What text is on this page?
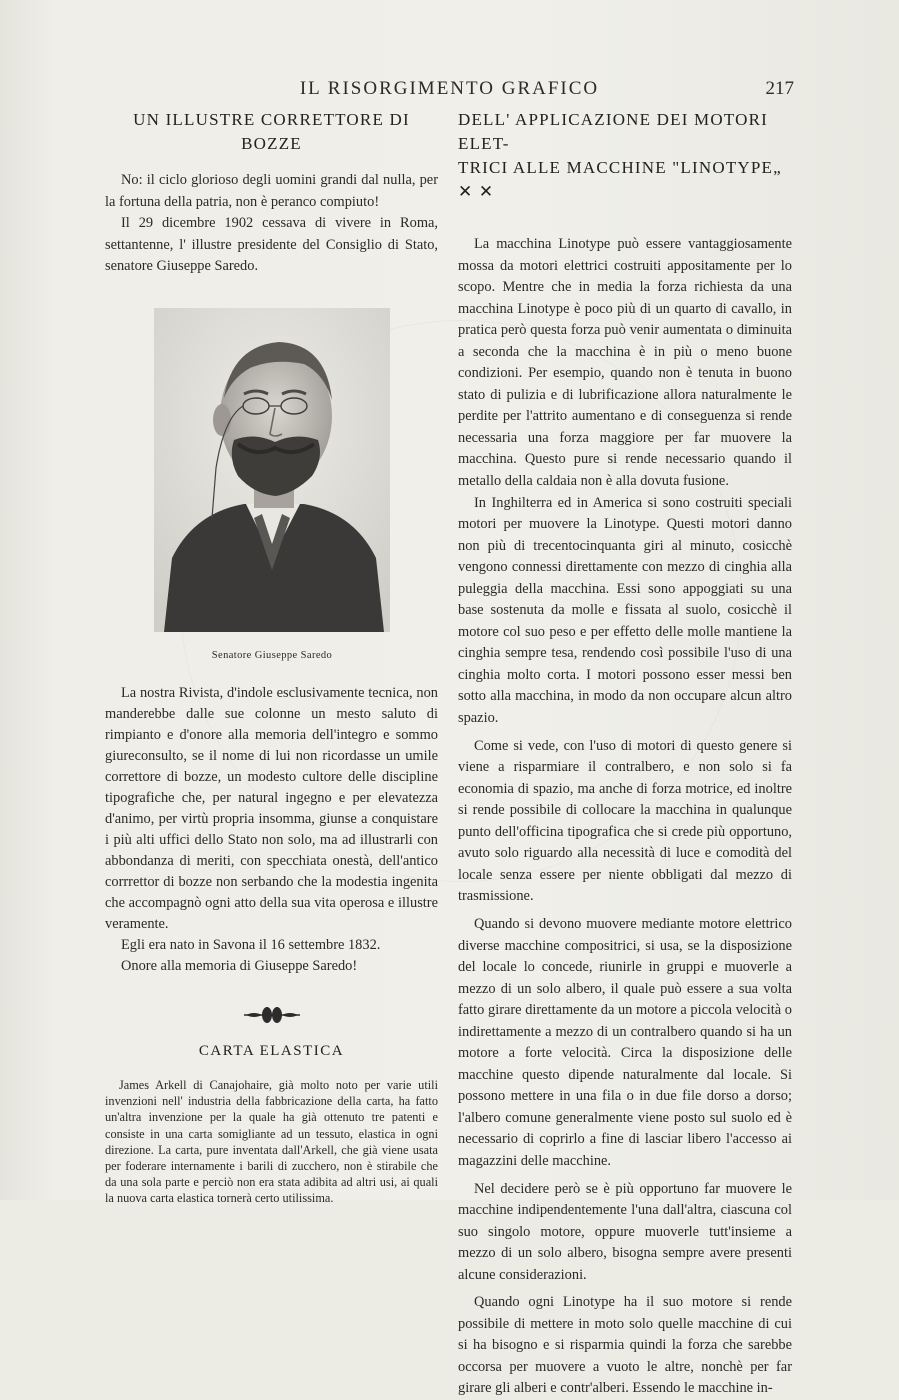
IL RISORGIMENTO GRAFICO	217
UN ILLUSTRE CORRETTORE DI BOZZE

No: il ciclo glorioso degli uomini grandi dal nulla, per la fortuna della patria, non è peranco compiuto!

Il 29 dicembre 1902 cessava di vivere in Roma, settantenne, l' illustre presidente del Consiglio di Stato, senatore Giuseppe Saredo.

Senatore Giuseppe Saredo

La nostra Rivista, d'indole esclusivamente tecnica, non manderebbe dalle sue colonne un mesto saluto di rimpianto e d'onore alla memoria dell'integro e sommo giureconsulto, se il nome di lui non ricordasse un umile correttore di bozze, un modesto cultore delle discipline tipografiche che, per natural ingegno e per elevatezza d'animo, per virtù propria insomma, giunse a conquistare i più alti uffici dello Stato non solo, ma ad illustrarli con abbondanza di meriti, con specchiata onestà, dell'antico corrrettor di bozze non serbando che la modestia ingenita che accompagnò ogni atto della sua vita operosa e illustre veramente.

Egli era nato in Savona il 16 settembre 1832.

Onore alla memoria di Giuseppe Saredo!

CARTA ELASTICA

James Arkell di Canajohaire, già molto noto per varie utili invenzioni nell' industria della fabbricazione della carta, ha fatto un'altra invenzione per la quale ha già ottenuto tre patenti e consiste in una carta somigliante ad un tessuto, elastica in ogni direzione. La carta, pure inventata dall'Arkell, che già viene usata per foderare internamente i barili di zucchero, non è stirabile che da una sola parte e perciò non era stata adibita ad altri usi, ai quali la nuova carta elastica tornerà certo utilissima.

DELL' APPLICAZIONE DEI MOTORI ELET-
TRICI ALLE MACCHINE "LINOTYPE„ ✕ ✕

La macchina Linotype può essere vantaggiosamente mossa da motori elettrici costruiti appositamente per lo scopo. Mentre che in media la forza richiesta da una macchina Linotype è poco più di un quarto di cavallo, in pratica però questa forza può venir aumentata o diminuita a seconda che la macchina è in più o meno buone condizioni. Per esempio, quando non è tenuta in buono stato di pulizia e di lubrificazione allora naturalmente le perdite per l'attrito aumentano e di conseguenza si rende necessaria una forza maggiore per far muovere la macchina. Questo pure si rende necessario quando il metallo della caldaia non è alla dovuta fusione.

In Inghilterra ed in America si sono costruiti speciali motori per muovere la Linotype. Questi motori danno non più di trecentocinquanta giri al minuto, cosicchè vengono connessi direttamente con mezzo di cinghia alla puleggia della macchina. Essi sono appoggiati su una base sostenuta da molle e fissata al suolo, cosicchè il motore col suo peso e per effetto delle molle mantiene la cinghia sempre tesa, rendendo così possibile l'uso di una cinghia molto corta. I motori possono esser messi ben sotto alla macchina, in modo da non occupare alcun altro spazio.

Come si vede, con l'uso di motori di questo genere si viene a risparmiare il contralbero, e non solo si fa economia di spazio, ma anche di forza motrice, ed inoltre si rende possibile di collocare la macchina in qualunque punto dell'officina tipografica che si crede più opportuno, avuto solo riguardo alla necessità di luce e comodità del locale senza essere per niente obbligati dal mezzo di trasmissione.

Quando si devono muovere mediante motore elettrico diverse macchine compositrici, si usa, se la disposizione del locale lo concede, riunirle in gruppi e muoverle a mezzo di un solo albero, il quale può essere a sua volta fatto girare direttamente da un motore a piccola velocità o indirettamente a mezzo di un contralbero quando si ha un motore a forte velocità. Circa la disposizione delle macchine questo dipende naturalmente dal locale. Si possono mettere in una fila o in due file dorso a dorso; l'albero comune generalmente viene posto sul suolo ed è necessario di coprirlo a fine di lasciar libero l'accesso ai magazzini delle macchine.

Nel decidere però se è più opportuno far muovere le macchine indipendentemente l'una dall'altra, ciascuna col suo singolo motore, oppure muoverle tutt'insieme a mezzo di un solo albero, bisogna sempre avere presenti alcune considerazioni.

Quando ogni Linotype ha il suo motore si rende possibile di mettere in moto solo quelle macchine di cui si ha bisogno e si risparmia quindi la forza che sarebbe occorsa per muovere a vuoto le altre, nonchè per far girare gli alberi e contr'alberi. Essendo le macchine in-
